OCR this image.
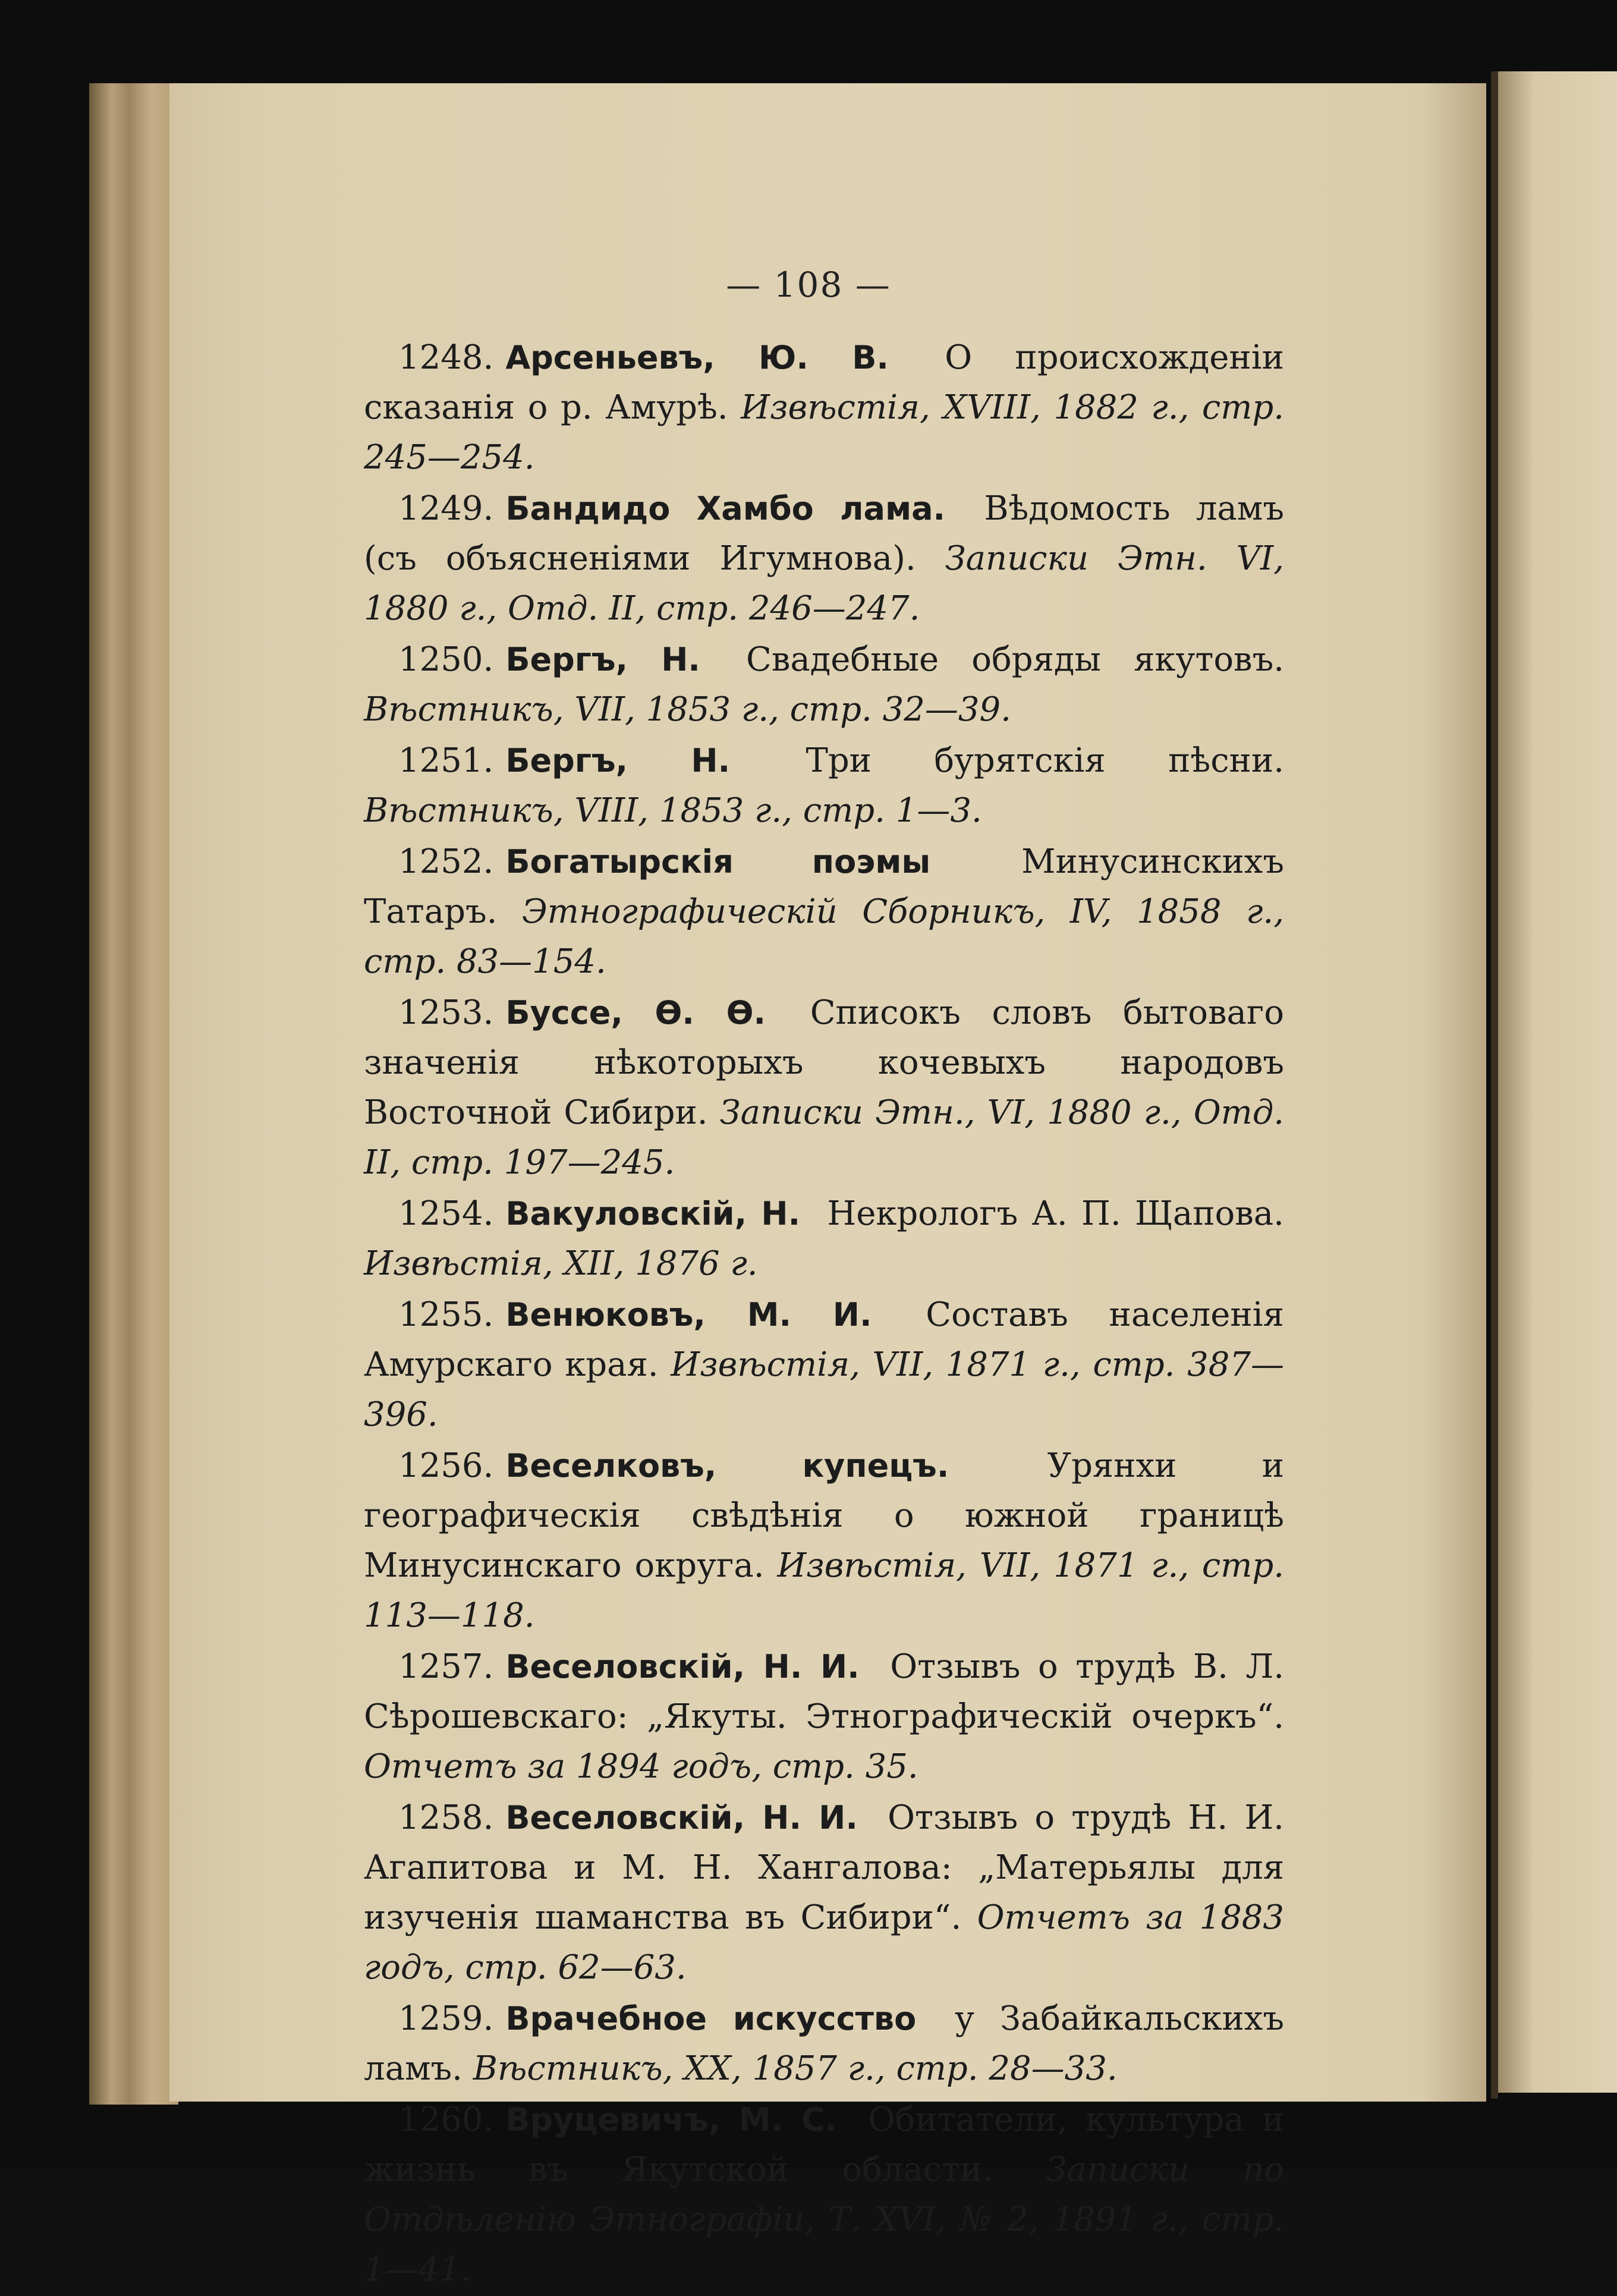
— 108 —

1248. Арсеньевъ, Ю. В. О происхожденіи сказанія о р. Амурѣ. Извѣстія, XVIII, 1882 г., стр. 245—254.

1249. Бандидо Хамбо лама. Вѣдомость ламъ (съ объясненіями Игумнова). Записки Этн. VI, 1880 г., Отд. II, стр. 246—247.

1250. Бергъ, Н. Свадебные обряды якутовъ. Вѣстникъ, VII, 1853 г., стр. 32—39.

1251. Бергъ, Н. Три бурятскія пѣсни. Вѣстникъ, VIII, 1853 г., стр. 1—3.

1252. Богатырскія поэмы	Минусинскихъ Татаръ. Этнографическій Сборникъ, IV, 1858 г., стр. 83—154.

1253. Буссе, Ѳ. Ѳ. Списокъ словъ бытоваго значенія нѣкоторыхъ кочевыхъ народовъ Восточной Сибири. Записки Этн., VI, 1880 г., Отд. II, стр. 197—245.

1254. Вакуловскій, Н. Некрологъ А. П. Щапова. Извѣстія, XII, 1876 г.

1255. Венюковъ, М. И. Составъ населенія Амурскаго края. Извѣстія, VII, 1871 г., стр. 387—396.

1256. Веселковъ, купецъ.	Урянхи и географическія свѣдѣнія о южной границѣ Минусинскаго округа. Извѣстія, VII, 1871 г., стр. 113—118.

1257. Веселовскій, Н. И. Отзывъ о трудѣ В. Л. Сѣрошевскаго: „Якуты. Этнографическій очеркъ“. Отчетъ за 1894 годъ, стр. 35.

1258. Веселовскій, Н. И. Отзывъ о трудѣ Н. И. Агапитова и М. Н. Хангалова: „Матерьялы для изученія шаманства въ Сибири“. Отчетъ за 1883 годъ, стр. 62—63.

1259. Врачебное искусство у Забайкальскихъ ламъ. Вѣстникъ, XX, 1857 г., стр. 28—33.

1260. Вруцевичъ, М. С. Обитатели, культура и жизнь въ Якутской области. Записки по Отдѣленію Этнографіи, Т. XVI, № 2, 1891 г., стр. 1—41.
